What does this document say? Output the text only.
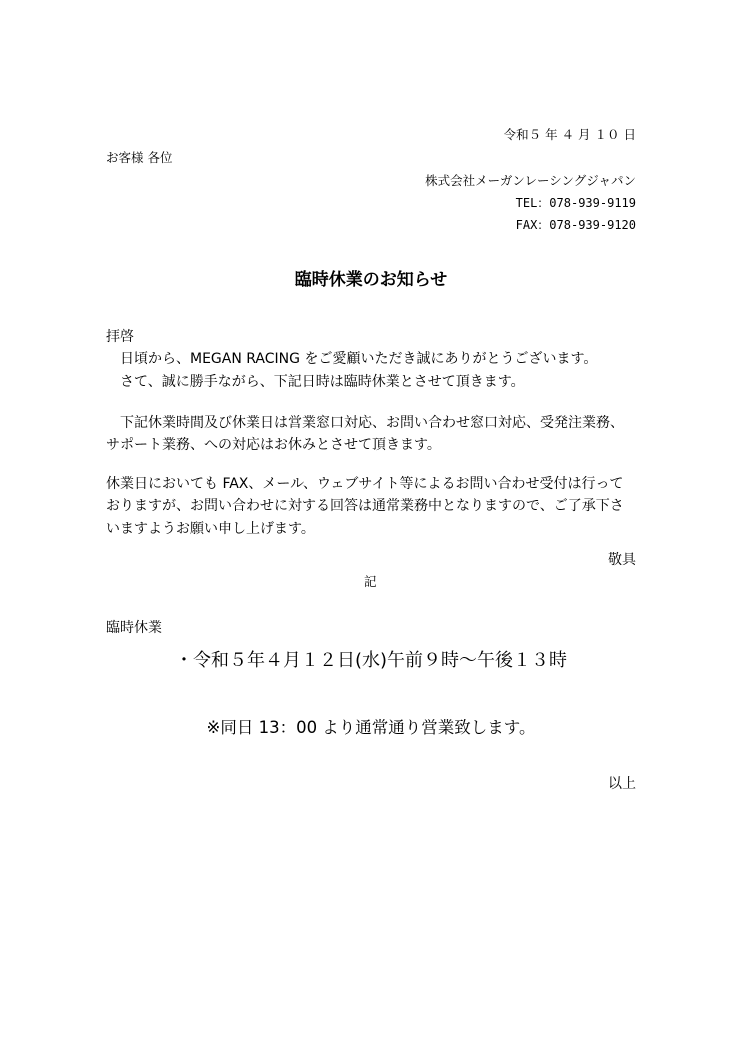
令和５ 年 ４ 月 １０ 日
お客様 各位
株式会社メーガンレーシングジャパン
TEL：078-939-9119
FAX：078-939-9120
臨時休業のお知らせ
拝啓
日頃から、MEGAN RACING をご愛顧いただき誠にありがとうございます。
さて、誠に勝手ながら、下記日時は臨時休業とさせて頂きます。
下記休業時間及び休業日は営業窓口対応、お問い合わせ窓口対応、受発注業務、
サポート業務、への対応はお休みとさせて頂きます。
休業日においても FAX、メール、ウェブサイト等によるお問い合わせ受付は行って
おりますが、お問い合わせに対する回答は通常業務中となりますので、ご了承下さ
いますようお願い申し上げます。
敬具
記
臨時休業
・令和５年４月１２日(水)午前９時～午後１３時
※同日 13：00 より通常通り営業致します。
以上
